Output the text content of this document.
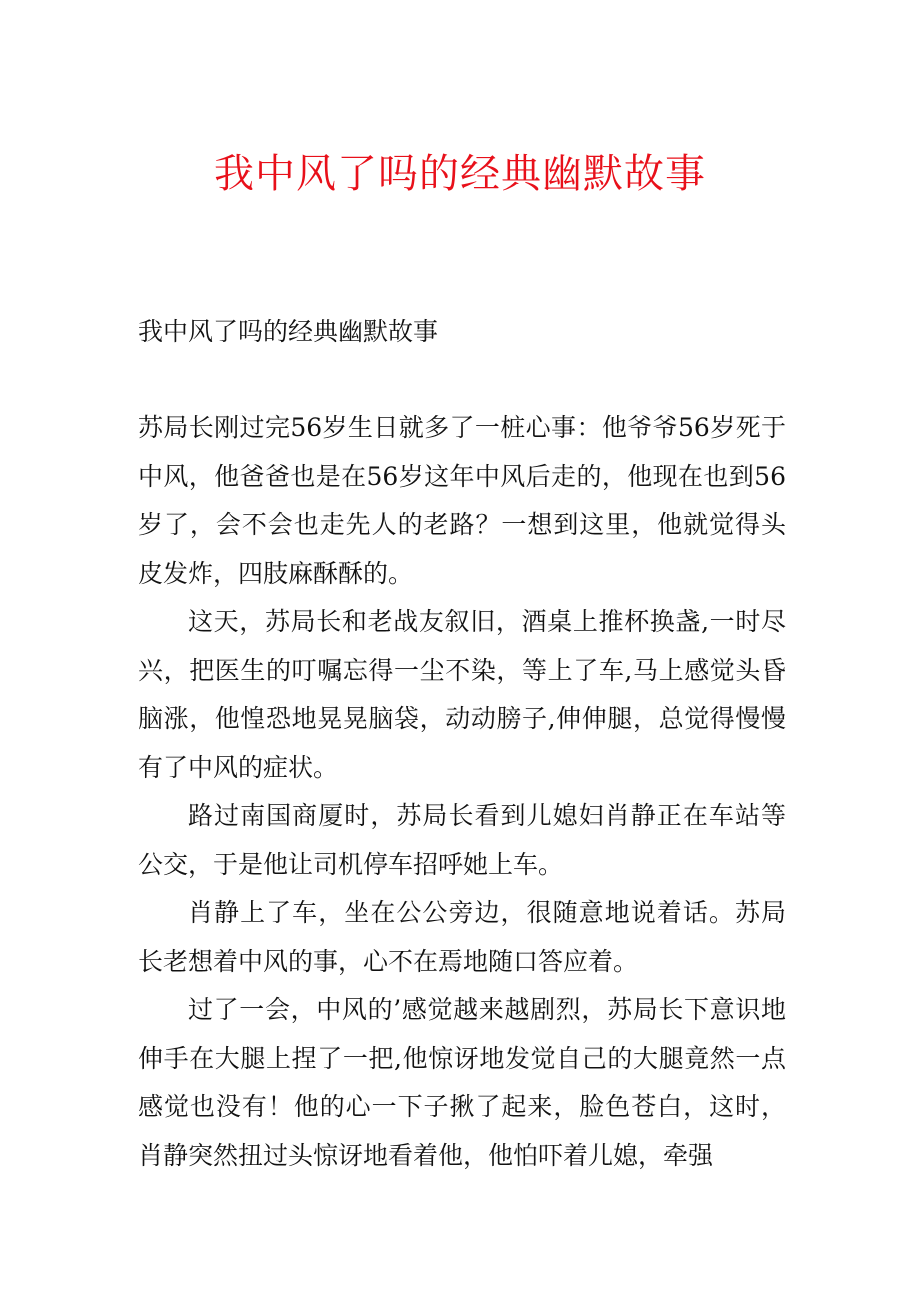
我中风了吗的经典幽默故事

我中风了吗的经典幽默故事

苏局长刚过完56岁生日就多了一桩心事：他爷爷56岁死于中风，他爸爸也是在56岁这年中风后走的，他现在也到56岁了，会不会也走先人的老路？一想到这里，他就觉得头皮发炸，四肢麻酥酥的。

这天，苏局长和老战友叙旧，酒桌上推杯换盏,一时尽兴，把医生的叮嘱忘得一尘不染，等上了车,马上感觉头昏脑涨，他惶恐地晃晃脑袋，动动膀子,伸伸腿，总觉得慢慢有了中风的症状。

路过南国商厦时，苏局长看到儿媳妇肖静正在车站等公交，于是他让司机停车招呼她上车。

肖静上了车，坐在公公旁边，很随意地说着话。苏局长老想着中风的事，心不在焉地随口答应着。

过了一会，中风的’感觉越来越剧烈，苏局长下意识地伸手在大腿上捏了一把,他惊讶地发觉自己的大腿竟然一点感觉也没有！他的心一下子揪了起来，脸色苍白，这时，肖静突然扭过头惊讶地看着他，他怕吓着儿媳，牵强
